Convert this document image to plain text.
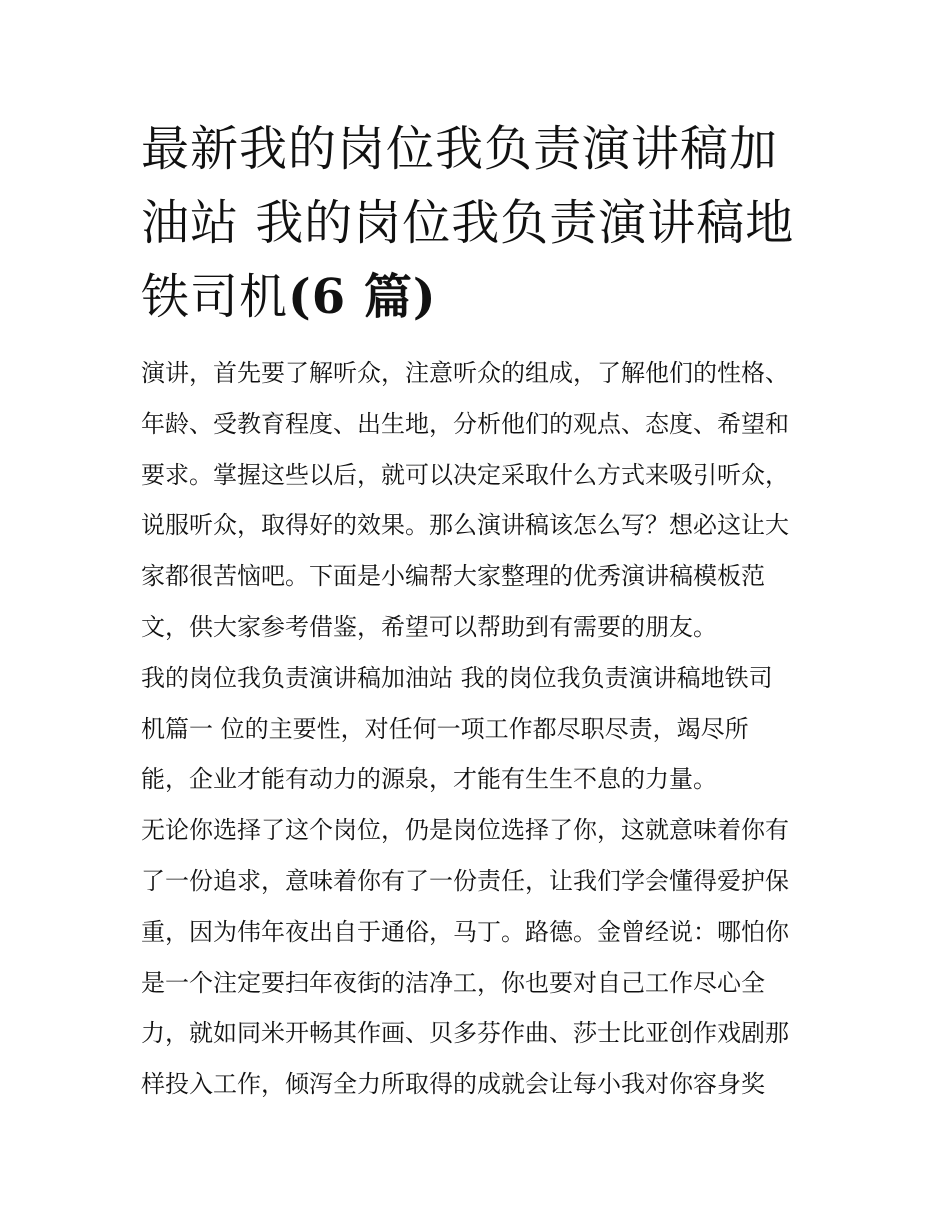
最新我的岗位我负责演讲稿加
油站 我的岗位我负责演讲稿地
铁司机(6 篇)

演讲，首先要了解听众，注意听众的组成，了解他们的性格、
年龄、受教育程度、出生地，分析他们的观点、态度、希望和
要求。掌握这些以后，就可以决定采取什么方式来吸引听众，
说服听众，取得好的效果。那么演讲稿该怎么写？想必这让大
家都很苦恼吧。下面是小编帮大家整理的优秀演讲稿模板范
文，供大家参考借鉴，希望可以帮助到有需要的朋友。

我的岗位我负责演讲稿加油站 我的岗位我负责演讲稿地铁司
机篇一 位的主要性，对任何一项工作都尽职尽责，竭尽所
能，企业才能有动力的源泉，才能有生生不息的力量。

无论你选择了这个岗位，仍是岗位选择了你，这就意味着你有
了一份追求，意味着你有了一份责任，让我们学会懂得爱护保
重，因为伟年夜出自于通俗，马丁。路德。金曾经说：哪怕你
是一个注定要扫年夜街的洁净工，你也要对自己工作尽心全
力，就如同米开畅其作画、贝多芬作曲、莎士比亚创作戏剧那
样投入工作，倾泻全力所取得的成就会让每小我对你容身奖
